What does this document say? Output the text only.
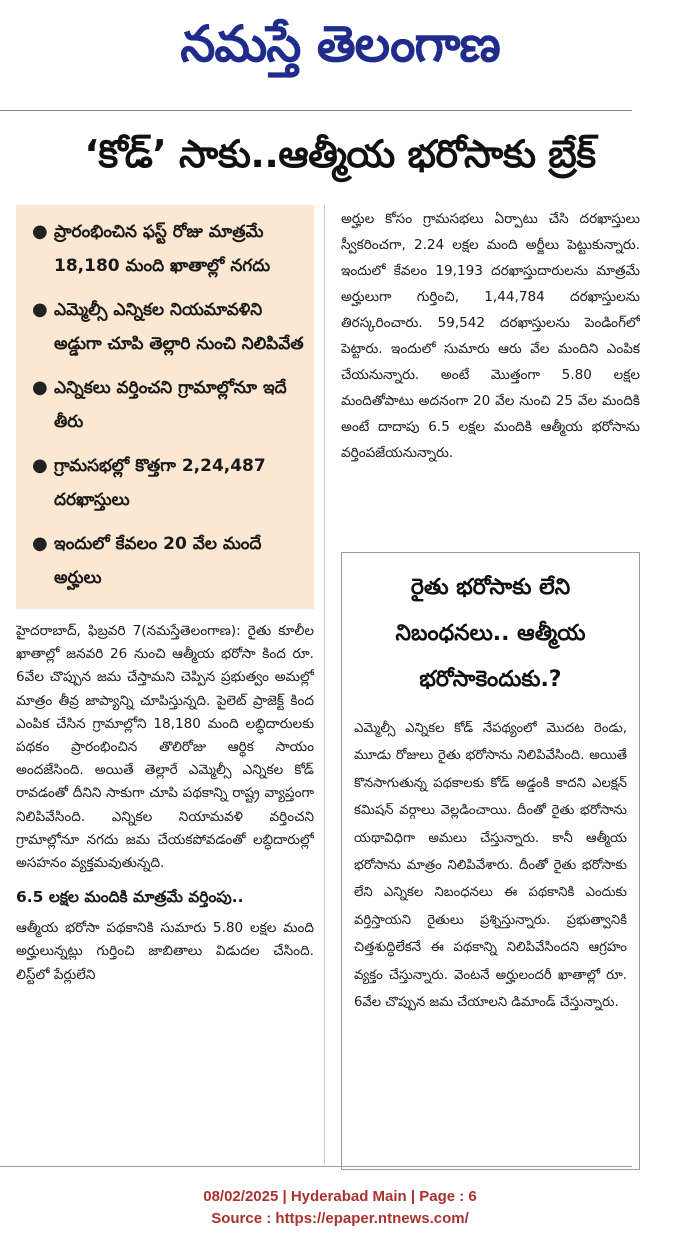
నమస్తే తెలంగాణ
‘కోడ్’ సాకు..ఆత్మీయ భరోసాకు బ్రేక్
● ప్రారంభించిన ఫస్ట్ రోజు మాత్రమే 18,180 మంది ఖాతాల్లో నగదు
● ఎమ్మెల్సీ ఎన్నికల నియమావళిని అడ్డుగా చూపి తెల్లారి నుంచి నిలిపివేత
● ఎన్నికలు వర్తించని గ్రామాల్లోనూ ఇదే తీరు
● గ్రామసభల్లో కొత్తగా 2,24,487 దరఖాస్తులు
● ఇందులో కేవలం 20 వేల మందే అర్హులు

హైదరాబాద్, ఫిబ్రవరి 7(నమస్తేతెలంగాణ): రైతు కూలీల ఖాతాల్లో జనవరి 26 నుంచి ఆత్మీయ భరోసా కింద రూ. 6వేల చొప్పున జమ చేస్తామని చెప్పిన ప్రభుత్వం అమల్లో మాత్రం తీవ్ర జాప్యాన్ని చూపిస్తున్నది. పైలెట్ ప్రాజెక్ట్ కింద ఎంపిక చేసిన గ్రామాల్లోని 18,180 మంది లబ్ధిదారులకు పథకం ప్రారంభించిన తొలిరోజు ఆర్థిక సాయం అందజేసింది. అయితే తెల్లారే ఎమ్మెల్సీ ఎన్నికల కోడ్ రావడంతో దీనిని సాకుగా చూపి పథకాన్ని రాష్ట్ర వ్యాప్తంగా నిలిపివేసింది. ఎన్నికల నియామవళి వర్తించని గ్రామాల్లోనూ నగదు జమ చేయకపోవడంతో లబ్ధిదారుల్లో అసహనం వ్యక్తమవుతున్నది.

6.5 లక్షల మందికి మాత్రమే వర్తింపు..

ఆత్మీయ భరోసా పథకానికి సుమారు 5.80 లక్షల మంది అర్హులున్నట్లు గుర్తించి జాబితాలు విడుదల చేసింది. లిస్ట్‌లో పేర్లులేని

అర్హుల కోసం గ్రామసభలు ఏర్పాటు చేసి దరఖాస్తులు స్వీకరించగా, 2.24 లక్షల మంది అర్జీలు పెట్టుకున్నారు. ఇందులో కేవలం 19,193 దరఖాస్తుదారులను మాత్రమే అర్హులుగా గుర్తించి, 1,44,784 దరఖాస్తులను తిరస్కరించారు. 59,542 దరఖాస్తులను పెండింగ్‌లో పెట్టారు. ఇందులో సుమారు ఆరు వేల మందిని ఎంపిక చేయనున్నారు. అంటే మొత్తంగా 5.80 లక్షల మందితోపాటు అదనంగా 20 వేల నుంచి 25 వేల మందికి అంటే దాదాపు 6.5 లక్షల మందికి ఆత్మీయ భరోసాను వర్తింపజేయనున్నారు.

రైతు భరోసాకు లేని నిబంధనలు.. ఆత్మీయ భరోసాకెందుకు.?

ఎమ్మెల్సీ ఎన్నికల కోడ్ నేపథ్యంలో మొదట రెండు, మూడు రోజులు రైతు భరోసాను నిలిపివేసింది. అయితే కొనసాగుతున్న పథకాలకు కోడ్ అడ్డంకి కాదని ఎలక్షన్ కమిషన్ వర్గాలు వెల్లడించాయి. దీంతో రైతు భరోసాను యథావిధిగా అమలు చేస్తున్నారు. కానీ ఆత్మీయ భరోసాను మాత్రం నిలిపివేశారు. దీంతో రైతు భరోసాకు లేని ఎన్నికల నిబంధనలు ఈ పథకానికి ఎందుకు వర్తిస్తాయని రైతులు ప్రశ్నిస్తున్నారు. ప్రభుత్వానికి చిత్తశుద్ధిలేకనే ఈ పథకాన్ని నిలిపివేసిందని ఆగ్రహం వ్యక్తం చేస్తున్నారు. వెంటనే అర్హులందరీ ఖాతాల్లో రూ. 6వేల చొప్పున జమ చేయాలని డిమాండ్ చేస్తున్నారు.

08/02/2025 | Hyderabad Main | Page : 6
Source : https://epaper.ntnews.com/
